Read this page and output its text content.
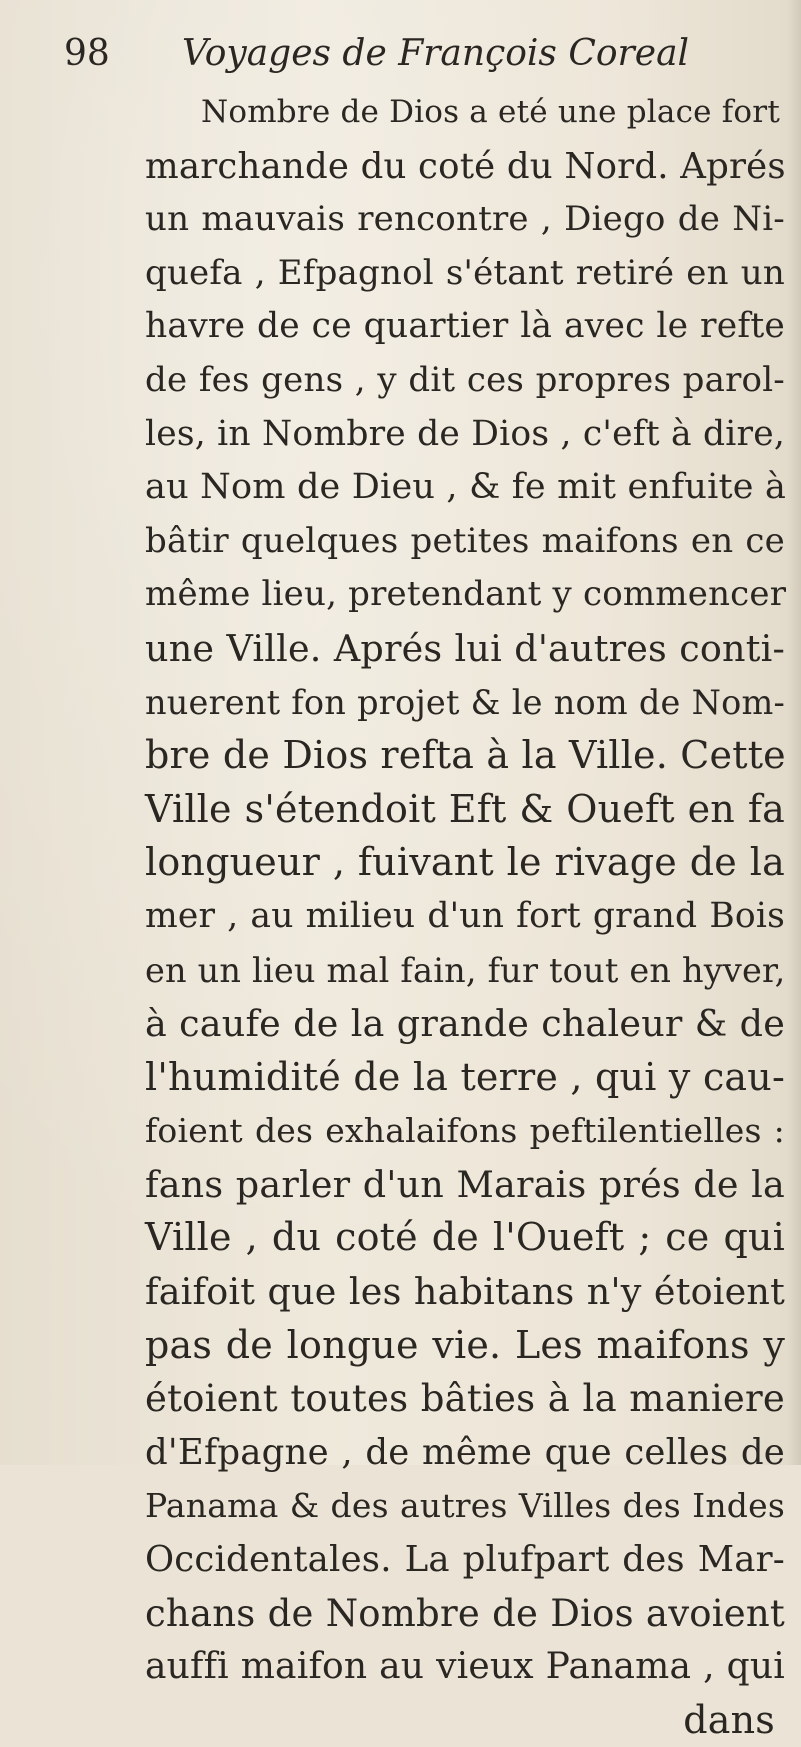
98 Voyages de François Coreal
Nombre de Dios a eté une place fort
marchande du coté du Nord. Aprés
un mauvais rencontre , Diego de Ni-
quefa , Efpagnol s'étant retiré en un
havre de ce quartier là avec le refte
de fes gens , y dit ces propres parol-
les, in Nombre de Dios , c'eft à dire,
au Nom de Dieu , & fe mit enfuite à
bâtir quelques petites maifons en ce
même lieu, pretendant y commencer
une Ville. Aprés lui d'autres conti-
nuerent fon projet & le nom de Nom-
bre de Dios refta à la Ville. Cette
Ville s'étendoit Eft & Oueft en fa
longueur , fuivant le rivage de la
mer , au milieu d'un fort grand Bois
en un lieu mal fain, fur tout en hyver,
à caufe de la grande chaleur & de
l'humidité de la terre , qui y cau-
foient des exhalaifons peftilentielles :
fans parler d'un Marais prés de la
Ville , du coté de l'Oueft ; ce qui
faifoit que les habitans n'y étoient
pas de longue vie. Les maifons y
étoient toutes bâties à la maniere
d'Efpagne , de même que celles de
Panama & des autres Villes des Indes
Occidentales. La plufpart des Mar-
chans de Nombre de Dios avoient
auffi maifon au vieux Panama , qui
dans
